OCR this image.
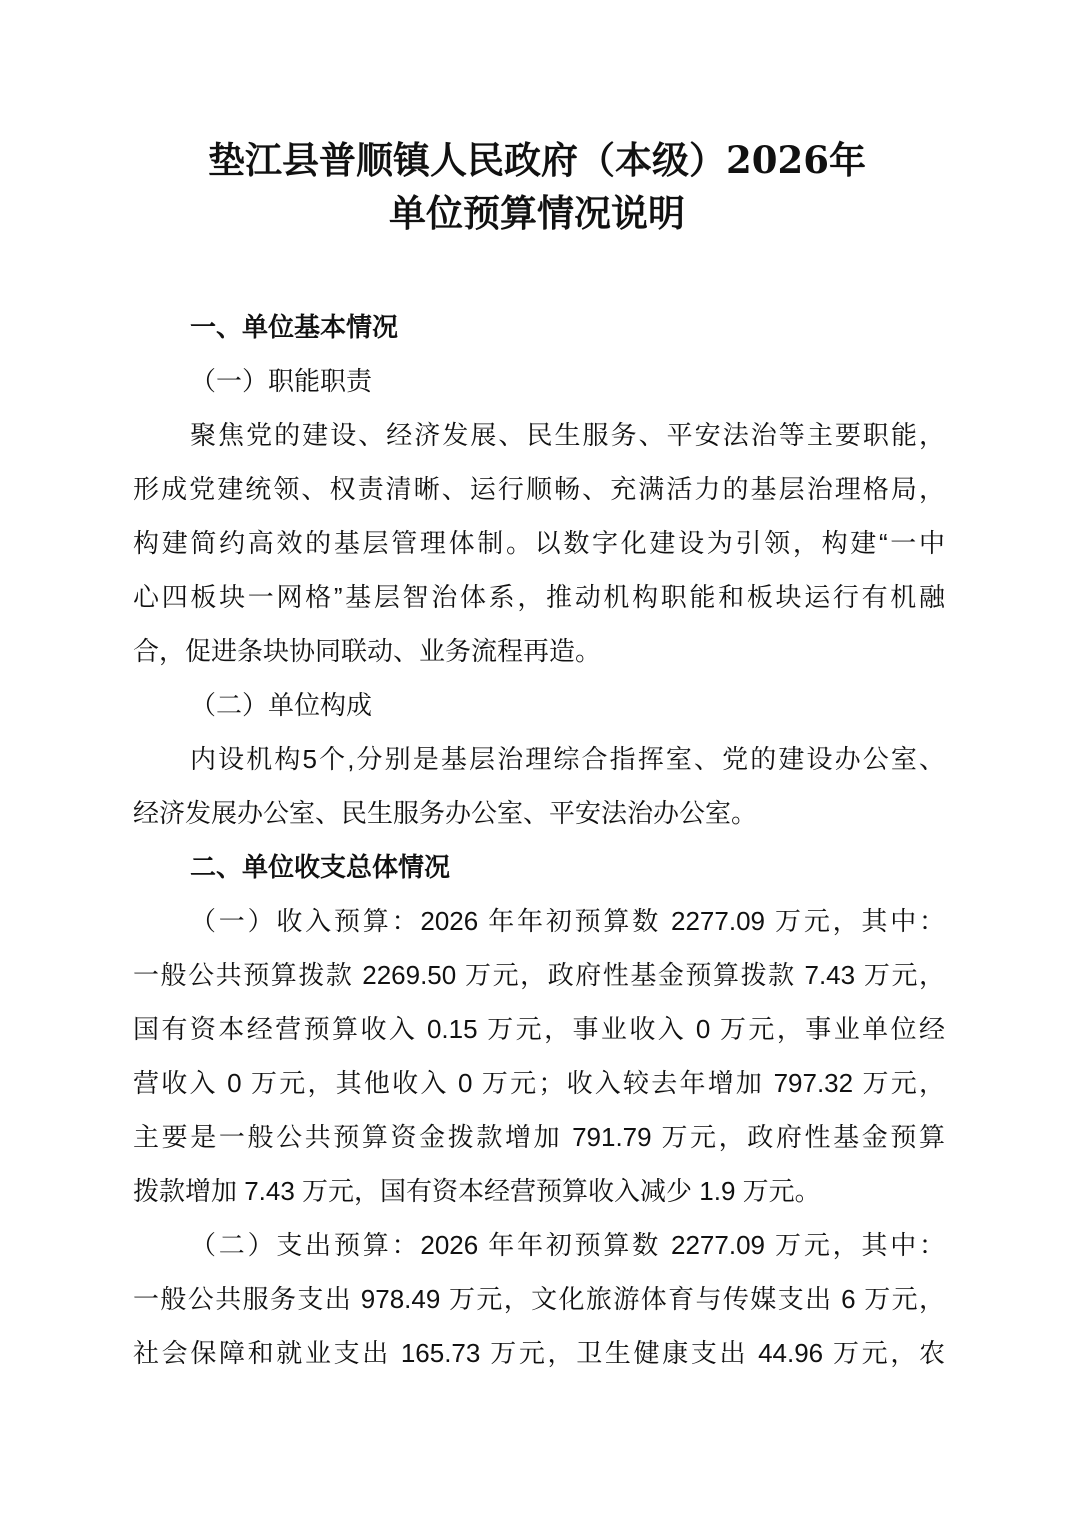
垫江县普顺镇人民政府（本级）2026年
单位预算情况说明
一、单位基本情况
（一）职能职责
聚焦党的建设、经济发展、民生服务、平安法治等主要职能，
形成党建统领、权责清晰、运行顺畅、充满活力的基层治理格局，
构建简约高效的基层管理体制。以数字化建设为引领，构建“一中
心四板块一网格”基层智治体系，推动机构职能和板块运行有机融
合，促进条块协同联动、业务流程再造。
（二）单位构成
内设机构5个,分别是基层治理综合指挥室、党的建设办公室、
经济发展办公室、民生服务办公室、平安法治办公室。
二、单位收支总体情况
（一）收入预算：2026 年年初预算数 2277.09 万元，其中：
一般公共预算拨款 2269.50 万元，政府性基金预算拨款 7.43 万元，
国有资本经营预算收入 0.15 万元，事业收入 0 万元，事业单位经
营收入 0 万元，其他收入 0 万元；收入较去年增加 797.32 万元，
主要是一般公共预算资金拨款增加 791.79 万元，政府性基金预算
拨款增加 7.43 万元，国有资本经营预算收入减少 1.9 万元。
（二）支出预算：2026 年年初预算数 2277.09 万元，其中：
一般公共服务支出 978.49 万元，文化旅游体育与传媒支出 6 万元，
社会保障和就业支出 165.73 万元，卫生健康支出 44.96 万元，农
